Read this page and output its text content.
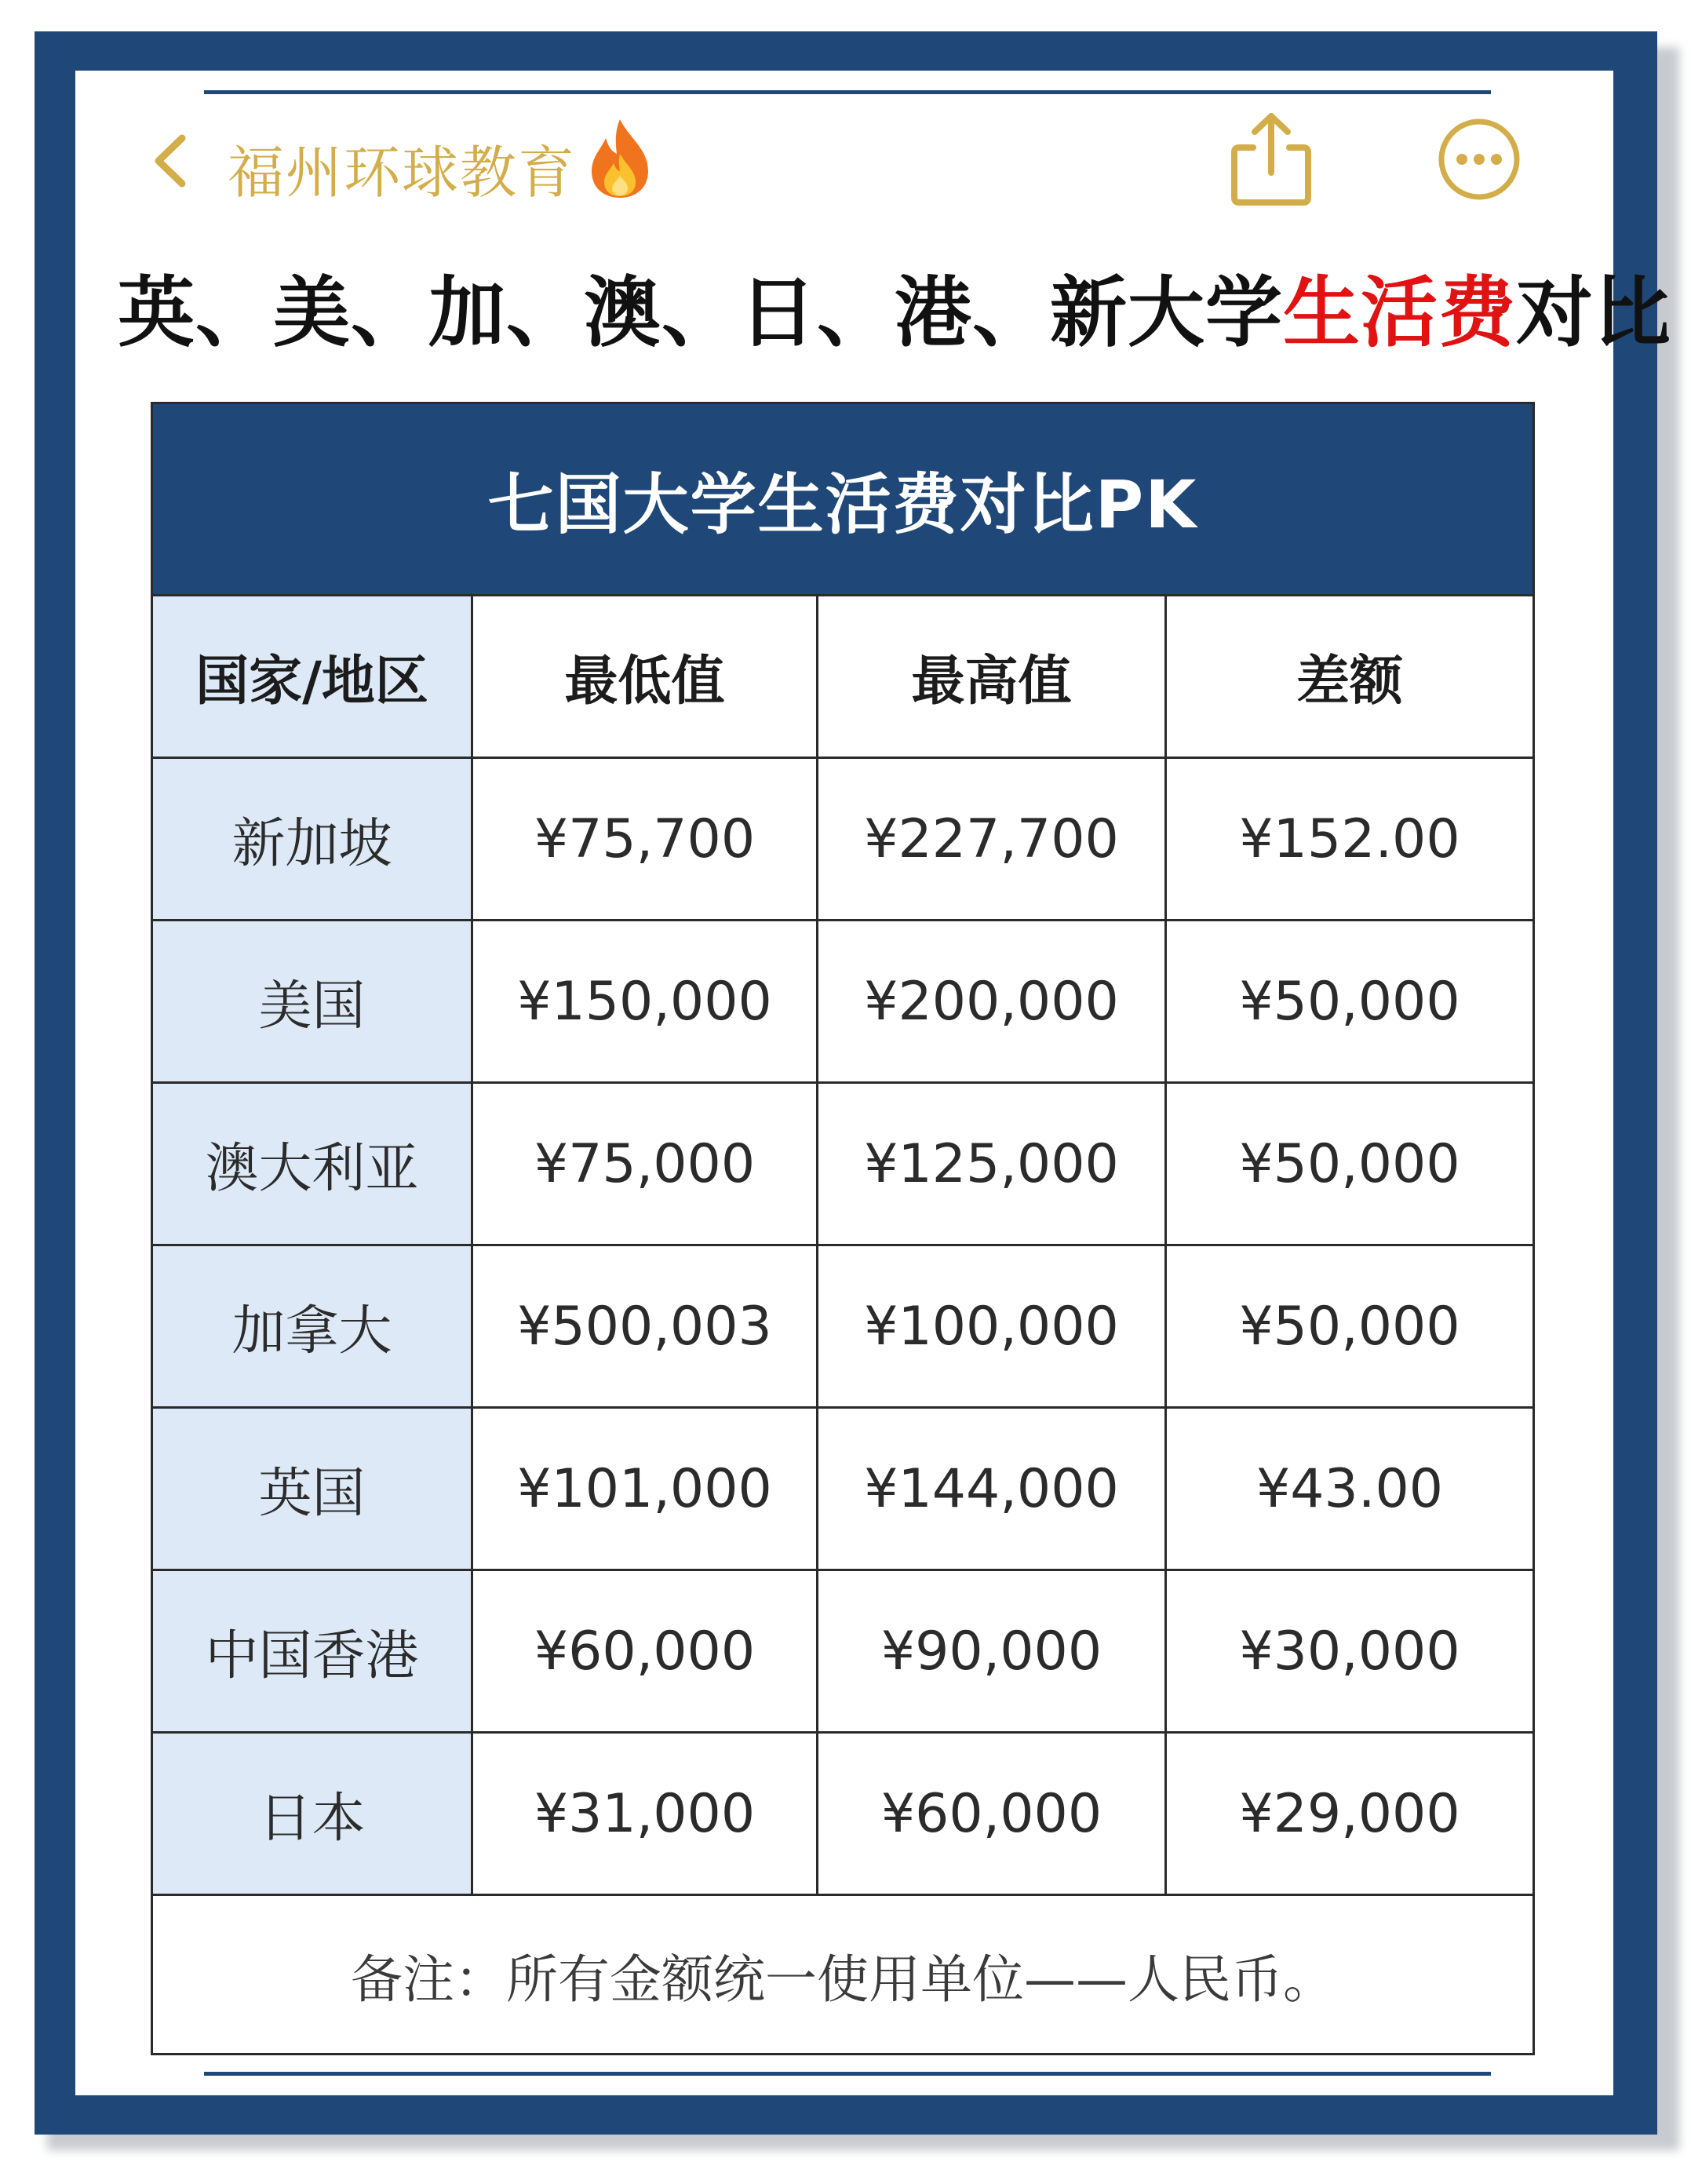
福州环球教育
英、美、加、澳、日、港、新大学生活费对比
七国大学生活费对比PK
国家/地区	最低值	最高值	差额
新加坡	¥75,700	¥227,700	¥152.00
美国	¥150,000	¥200,000	¥50,000
澳大利亚	¥75,000	¥125,000	¥50,000
加拿大	¥500,003	¥100,000	¥50,000
英国	¥101,000	¥144,000	¥43.00
中国香港	¥60,000	¥90,000	¥30,000
日本	¥31,000	¥60,000	¥29,000
备注：所有金额统一使用单位——人民币。
